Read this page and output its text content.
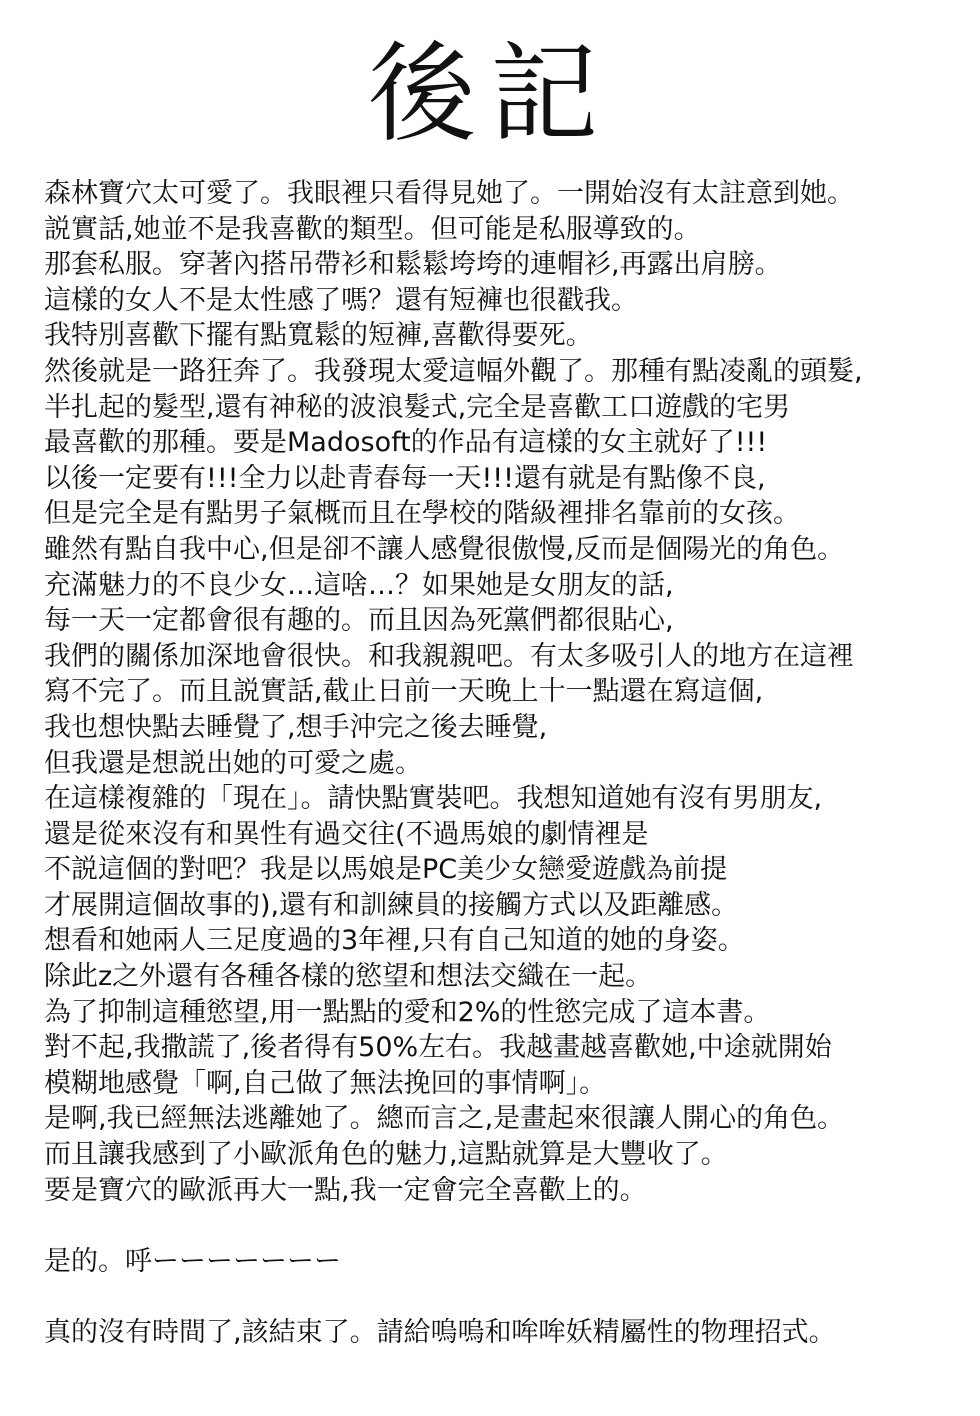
後記
森林寶穴太可愛了。我眼裡只看得見她了。一開始沒有太註意到她。
説實話,她並不是我喜歡的類型。但可能是私服導致的。
那套私服。穿著內搭吊帶衫和鬆鬆垮垮的連帽衫,再露出肩膀。
這樣的女人不是太性感了嗎？還有短褲也很戳我。
我特別喜歡下擺有點寬鬆的短褲,喜歡得要死。
然後就是一路狂奔了。我發現太愛這幅外觀了。那種有點凌亂的頭髮,
半扎起的髮型,還有神秘的波浪髮式,完全是喜歡工口遊戲的宅男
最喜歡的那種。要是Madosoft的作品有這樣的女主就好了!!!
以後一定要有!!!全力以赴青春每一天!!!還有就是有點像不良,
但是完全是有點男子氣概而且在學校的階級裡排名靠前的女孩。
雖然有點自我中心,但是卻不讓人感覺很傲慢,反而是個陽光的角色。
充滿魅力的不良少女…這啥…？如果她是女朋友的話,
每一天一定都會很有趣的。而且因為死黨們都很貼心,
我們的關係加深地會很快。和我親親吧。有太多吸引人的地方在這裡
寫不完了。而且説實話,截止日前一天晚上十一點還在寫這個,
我也想快點去睡覺了,想手沖完之後去睡覺,
但我還是想説出她的可愛之處。
在這樣複雜的「現在」。請快點實裝吧。我想知道她有沒有男朋友,
還是從來沒有和異性有過交往(不過馬娘的劇情裡是
不説這個的對吧？我是以馬娘是PC美少女戀愛遊戲為前提
才展開這個故事的),還有和訓練員的接觸方式以及距離感。
想看和她兩人三足度過的3年裡,只有自己知道的她的身姿。
除此z之外還有各種各樣的慾望和想法交織在一起。
為了抑制這種慾望,用一點點的愛和2%的性慾完成了這本書。
對不起,我撒謊了,後者得有50%左右。我越畫越喜歡她,中途就開始
模糊地感覺「啊,自己做了無法挽回的事情啊」。
是啊,我已經無法逃離她了。總而言之,是畫起來很讓人開心的角色。
而且讓我感到了小歐派角色的魅力,這點就算是大豐收了。
要是寶穴的歐派再大一點,我一定會完全喜歡上的。
是的。呼ーーーーーーー
真的沒有時間了,該結束了。請給嗚嗚和哞哞妖精屬性的物理招式。
